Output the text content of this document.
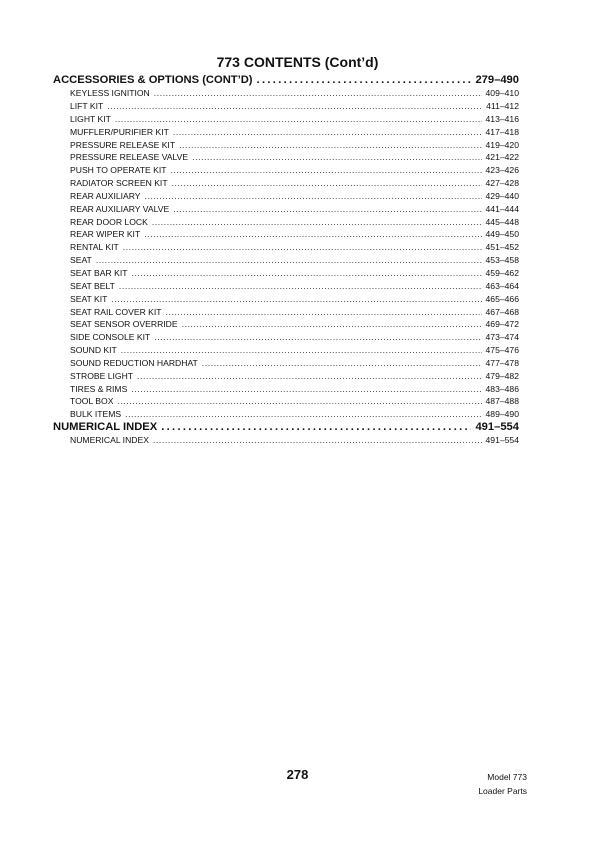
773 CONTENTS (Cont’d)
ACCESSORIES & OPTIONS (CONT’D) . . .	279–490
KEYLESS IGNITION . . .	409–410
LIFT KIT . . .	411–412
LIGHT KIT . . .	413–416
MUFFLER/PURIFIER KIT . . .	417–418
PRESSURE RELEASE KIT . . .	419–420
PRESSURE RELEASE VALVE . . .	421–422
PUSH TO OPERATE KIT . . .	423–426
RADIATOR SCREEN KIT . . .	427–428
REAR AUXILIARY . . .	429–440
REAR AUXILIARY VALVE . . .	441–444
REAR DOOR LOCK . . .	445–448
REAR WIPER KIT . . .	449–450
RENTAL KIT . . .	451–452
SEAT . . .	453–458
SEAT BAR KIT . . .	459–462
SEAT BELT . . .	463–464
SEAT KIT . . .	465–466
SEAT RAIL COVER KIT . . .	467–468
SEAT SENSOR OVERRIDE . . .	469–472
SIDE CONSOLE KIT . . .	473–474
SOUND KIT . . .	475–476
SOUND REDUCTION HARDHAT . . .	477–478
STROBE LIGHT . . .	479–482
TIRES & RIMS . . .	483–486
TOOL BOX . . .	487–488
BULK ITEMS . . .	489–490
NUMERICAL INDEX . . .	491–554
NUMERICAL INDEX . . .	491–554
278	Model 773
Loader Parts
